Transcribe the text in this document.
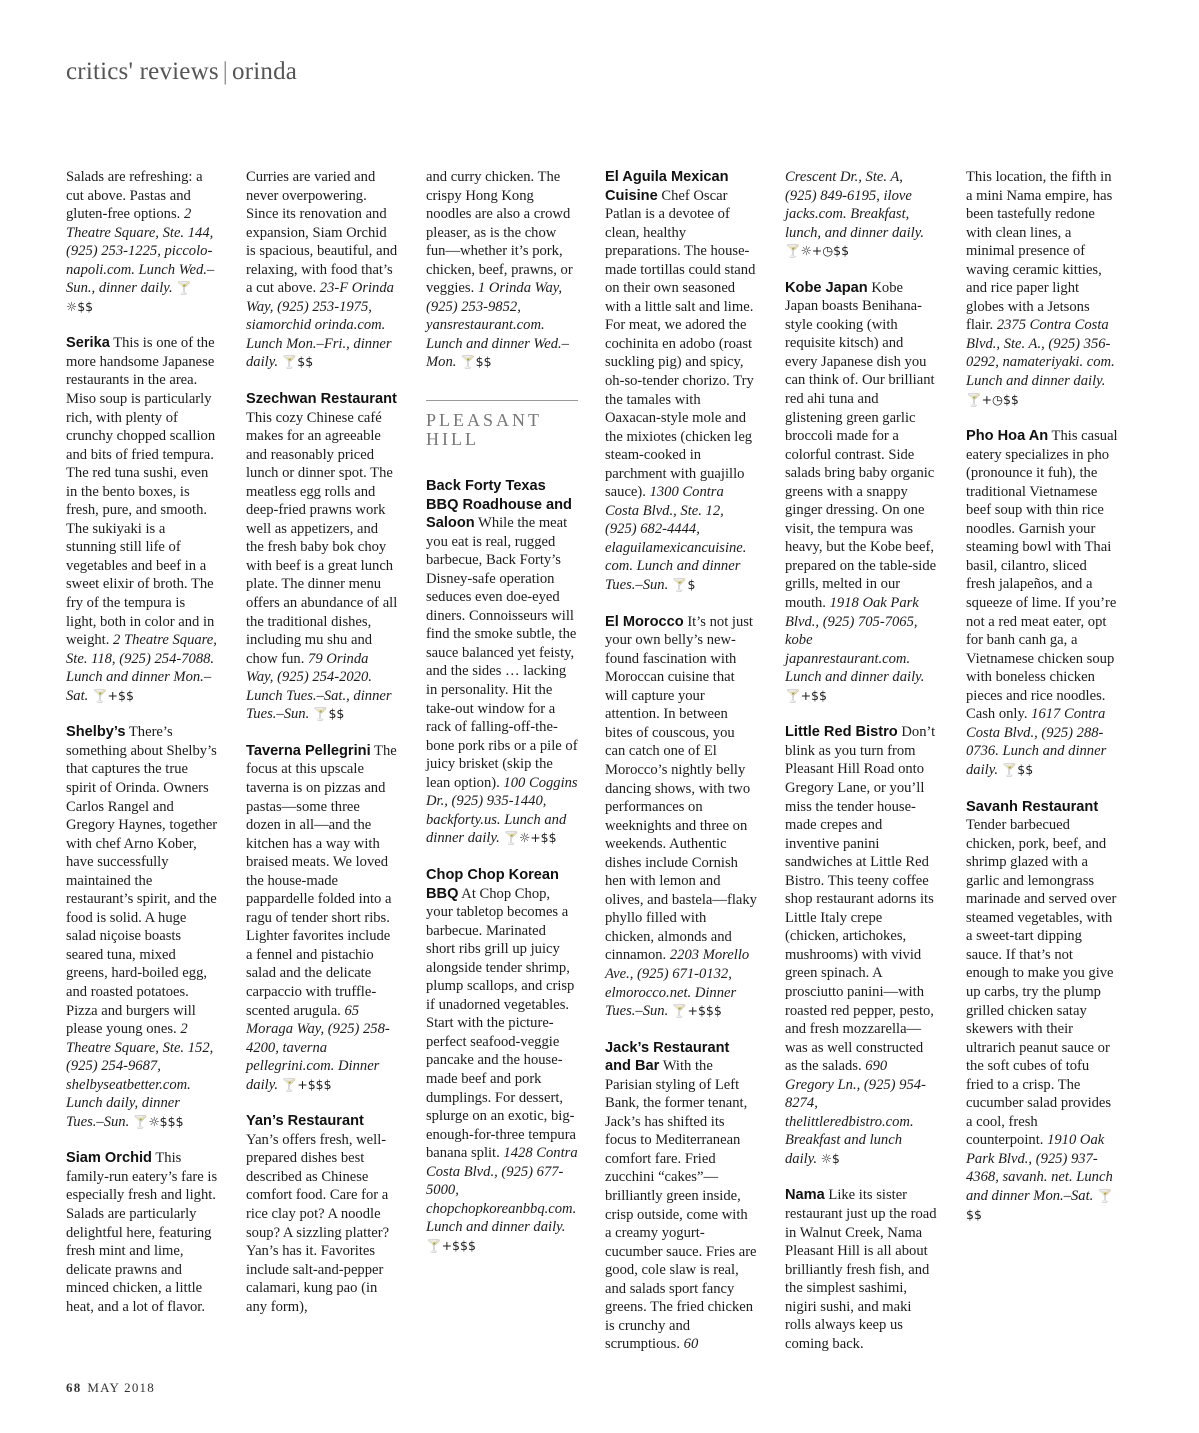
critics' reviews | orinda

Salads are refreshing: a cut above. Pastas and gluten-free options. 2 Theatre Square, Ste. 144, (925) 253-1225, piccolo-napoli.com. Lunch Wed.–Sun., dinner daily. 🍸☼$$

Serika This is one of the more handsome Japanese restaurants in the area. Miso soup is particularly rich, with plenty of crunchy chopped scallion and bits of fried tempura. The red tuna sushi, even in the bento boxes, is fresh, pure, and smooth. The sukiyaki is a stunning still life of vegetables and beef in a sweet elixir of broth. The fry of the tempura is light, both in color and in weight. 2 Theatre Square, Ste. 118, (925) 254-7088. Lunch and dinner Mon.–Sat. 🍸+$$

Shelby’s There’s something about Shelby’s that captures the true spirit of Orinda. Owners Carlos Rangel and Gregory Haynes, together with chef Arno Kober, have successfully maintained the restaurant’s spirit, and the food is solid. A huge salad niçoise boasts seared tuna, mixed greens, hard-boiled egg, and roasted potatoes. Pizza and burgers will please young ones. 2 Theatre Square, Ste. 152, (925) 254-9687, shelbyseatbetter.com. Lunch daily, dinner Tues.–Sun. 🍸☼$$$

Siam Orchid This family-run eatery’s fare is especially fresh and light. Salads are particularly delightful here, featuring fresh mint and lime, delicate prawns and minced chicken, a little heat, and a lot of flavor.

Curries are varied and never overpowering. Since its renovation and expansion, Siam Orchid is spacious, beautiful, and relaxing, with food that’s a cut above. 23-F Orinda Way, (925) 253-1975, siamorchid orinda.com. Lunch Mon.–Fri., dinner daily. 🍸$$

Szechwan Restaurant This cozy Chinese café makes for an agreeable and reasonably priced lunch or dinner spot. The meatless egg rolls and deep-fried prawns work well as appetizers, and the fresh baby bok choy with beef is a great lunch plate. The dinner menu offers an abundance of all the traditional dishes, including mu shu and chow fun. 79 Orinda Way, (925) 254-2020. Lunch Tues.–Sat., dinner Tues.–Sun. 🍸$$

Taverna Pellegrini The focus at this upscale taverna is on pizzas and pastas—some three dozen in all—and the kitchen has a way with braised meats. We loved the house-made pappardelle folded into a ragu of tender short ribs. Lighter favorites include a fennel and pistachio salad and the delicate carpaccio with truffle-scented arugula. 65 Moraga Way, (925) 258-4200, taverna pellegrini.com. Dinner daily. 🍸+$$$

Yan’s Restaurant Yan’s offers fresh, well-prepared dishes best described as Chinese comfort food. Care for a rice clay pot? A noodle soup? A sizzling platter? Yan’s has it. Favorites include salt-and-pepper calamari, kung pao (in any form),

and curry chicken. The crispy Hong Kong noodles are also a crowd pleaser, as is the chow fun—whether it’s pork, chicken, beef, prawns, or veggies. 1 Orinda Way, (925) 253-9852, yansrestaurant.com. Lunch and dinner Wed.–Mon. 🍸$$

PLEASANT HILL

Back Forty Texas BBQ Roadhouse and Saloon While the meat you eat is real, rugged barbecue, Back Forty’s Disney-safe operation seduces even doe-eyed diners. Connoisseurs will find the smoke subtle, the sauce balanced yet feisty, and the sides … lacking in personality. Hit the take-out window for a rack of falling-off-the-bone pork ribs or a pile of juicy brisket (skip the lean option). 100 Coggins Dr., (925) 935-1440, backforty.us. Lunch and dinner daily. 🍸☼+$$

Chop Chop Korean BBQ At Chop Chop, your tabletop becomes a barbecue. Marinated short ribs grill up juicy alongside tender shrimp, plump scallops, and crisp if unadorned vegetables. Start with the picture-perfect seafood-veggie pancake and the house-made beef and pork dumplings. For dessert, splurge on an exotic, big-enough-for-three tempura banana split. 1428 Contra Costa Blvd., (925) 677-5000, chopchopkoreanbbq.com. Lunch and dinner daily. 🍸+$$$

El Aguila Mexican Cuisine Chef Oscar Patlan is a devotee of clean, healthy preparations. The house-made tortillas could stand on their own seasoned with a little salt and lime. For meat, we adored the cochinita en adobo (roast suckling pig) and spicy, oh-so-tender chorizo. Try the tamales with Oaxacan-style mole and the mixiotes (chicken leg steam-cooked in parchment with guajillo sauce). 1300 Contra Costa Blvd., Ste. 12, (925) 682-4444, elaguilamexicancuisine. com. Lunch and dinner Tues.–Sun. 🍸$

El Morocco It’s not just your own belly’s new-found fascination with Moroccan cuisine that will capture your attention. In between bites of couscous, you can catch one of El Morocco’s nightly belly dancing shows, with two performances on weeknights and three on weekends. Authentic dishes include Cornish hen with lemon and olives, and bastela—flaky phyllo filled with chicken, almonds and cinnamon. 2203 Morello Ave., (925) 671-0132, elmorocco.net. Dinner Tues.–Sun. 🍸+$$$

Jack’s Restaurant and Bar With the Parisian styling of Left Bank, the former tenant, Jack’s has shifted its focus to Mediterranean comfort fare. Fried zucchini “cakes”—brilliantly green inside, crisp outside, come with a creamy yogurt-cucumber sauce. Fries are good, cole slaw is real, and salads sport fancy greens. The fried chicken is crunchy and scrumptious. 60

Crescent Dr., Ste. A, (925) 849-6195, ilove jacks.com. Breakfast, lunch, and dinner daily. 🍸☼+◷$$

Kobe Japan Kobe Japan boasts Benihana-style cooking (with requisite kitsch) and every Japanese dish you can think of. Our brilliant red ahi tuna and glistening green garlic broccoli made for a colorful contrast. Side salads bring baby organic greens with a snappy ginger dressing. On one visit, the tempura was heavy, but the Kobe beef, prepared on the table-side grills, melted in our mouth. 1918 Oak Park Blvd., (925) 705-7065, kobe japanrestaurant.com. Lunch and dinner daily. 🍸+$$

Little Red Bistro Don’t blink as you turn from Pleasant Hill Road onto Gregory Lane, or you’ll miss the tender house-made crepes and inventive panini sandwiches at Little Red Bistro. This teeny coffee shop restaurant adorns its Little Italy crepe (chicken, artichokes, mushrooms) with vivid green spinach. A prosciutto panini—with roasted red pepper, pesto, and fresh mozzarella—was as well constructed as the salads. 690 Gregory Ln., (925) 954-8274, thelittleredbistro.com. Breakfast and lunch daily. ☼$

Nama Like its sister restaurant just up the road in Walnut Creek, Nama Pleasant Hill is all about brilliantly fresh fish, and the simplest sashimi, nigiri sushi, and maki rolls always keep us coming back.

This location, the fifth in a mini Nama empire, has been tastefully redone with clean lines, a minimal presence of waving ceramic kitties, and rice paper light globes with a Jetsons flair. 2375 Contra Costa Blvd., Ste. A., (925) 356-0292, namateriyaki. com. Lunch and dinner daily. 🍸+◷$$

Pho Hoa An This casual eatery specializes in pho (pronounce it fuh), the traditional Vietnamese beef soup with thin rice noodles. Garnish your steaming bowl with Thai basil, cilantro, sliced fresh jalapeños, and a squeeze of lime. If you’re not a red meat eater, opt for banh canh ga, a Vietnamese chicken soup with boneless chicken pieces and rice noodles. Cash only. 1617 Contra Costa Blvd., (925) 288-0736. Lunch and dinner daily. 🍸$$

Savanh Restaurant Tender barbecued chicken, pork, beef, and shrimp glazed with a garlic and lemongrass marinade and served over steamed vegetables, with a sweet-tart dipping sauce. If that’s not enough to make you give up carbs, try the plump grilled chicken satay skewers with their ultrarich peanut sauce or the soft cubes of tofu fried to a crisp. The cucumber salad provides a cool, fresh counterpoint. 1910 Oak Park Blvd., (925) 937-4368, savanh. net. Lunch and dinner Mon.–Sat. 🍸$$

68 MAY 2018
